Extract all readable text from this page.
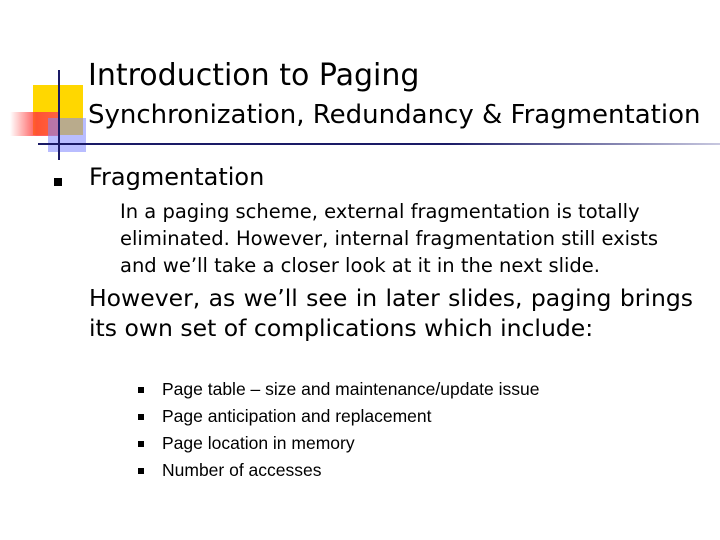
Introduction to Paging
Synchronization, Redundancy & Fragmentation
Fragmentation

In a paging scheme, external fragmentation is totally eliminated. However, internal fragmentation still exists and we’ll take a closer look at it in the next slide.

However, as we’ll see in later slides, paging brings its own set of complications which include:

Page table – size and maintenance/update issue
Page anticipation and replacement
Page location in memory
Number of accesses
